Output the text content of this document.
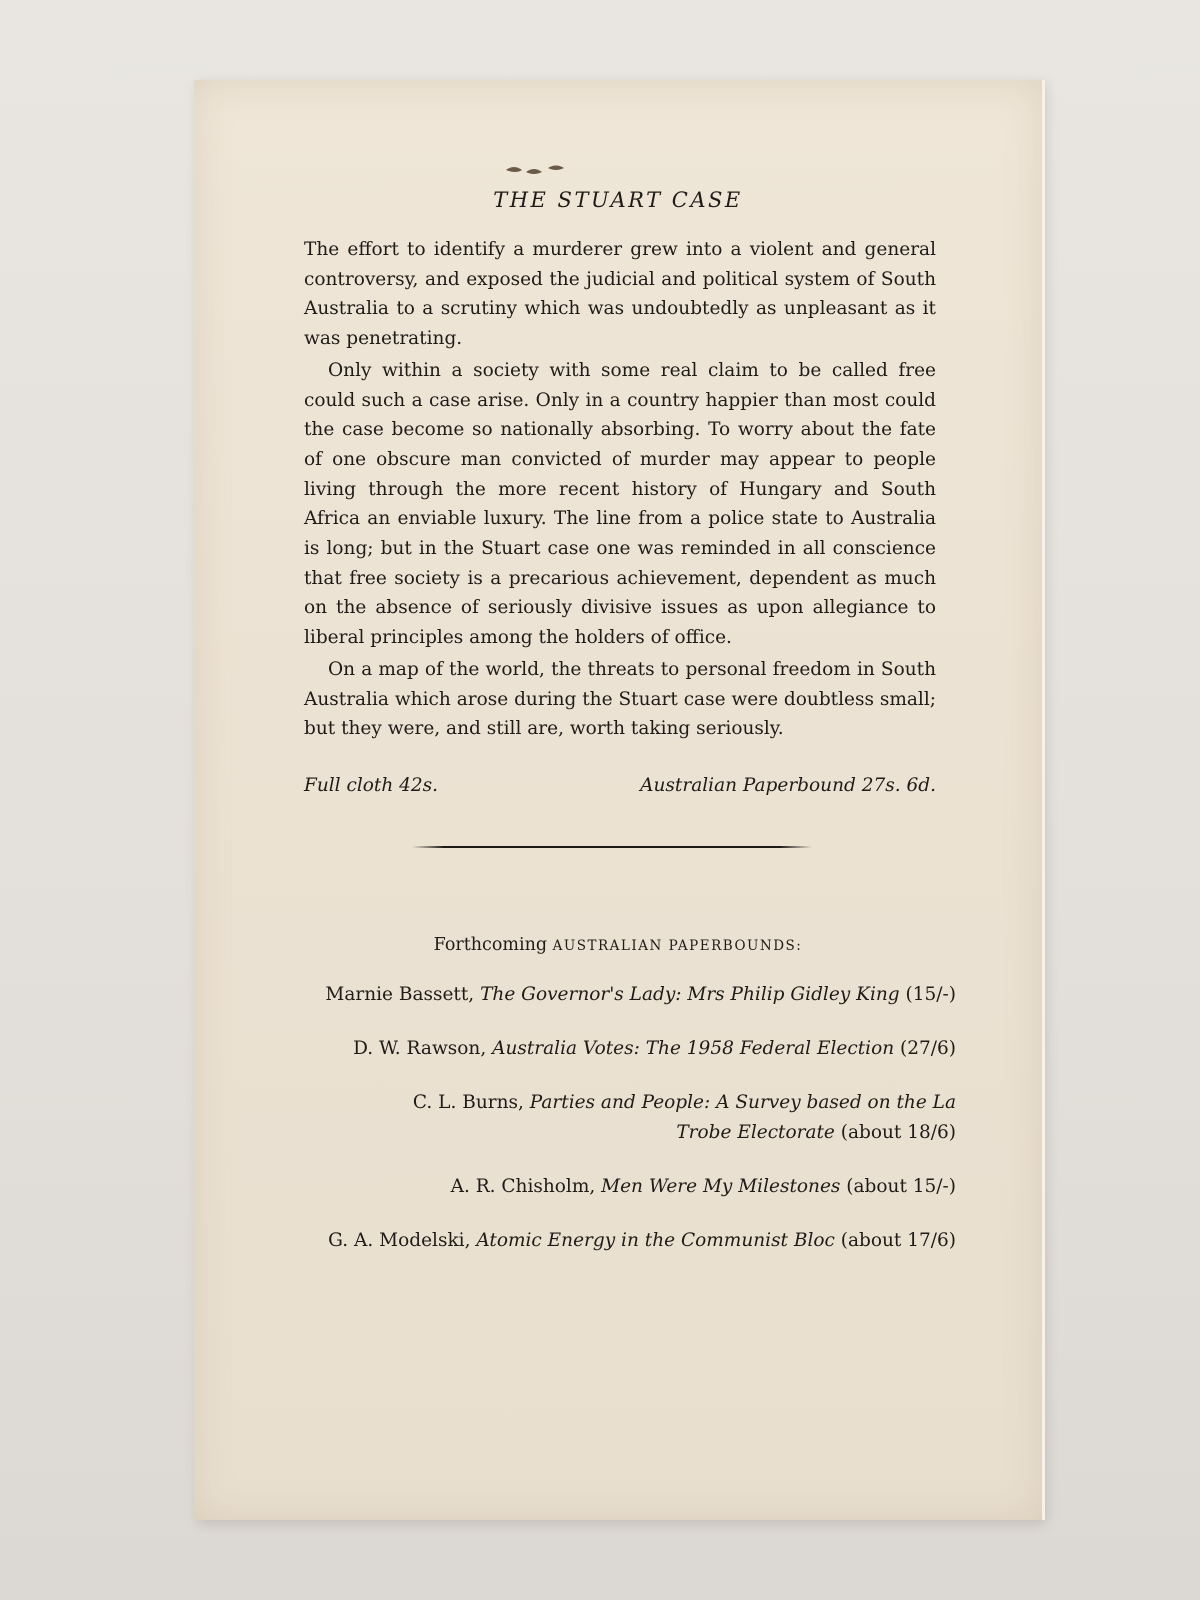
THE STUART CASE

The effort to identify a murderer grew into a violent and general controversy, and exposed the judicial and political system of South Australia to a scrutiny which was undoubtedly as unpleasant as it was penetrating.

Only within a society with some real claim to be called free could such a case arise. Only in a country happier than most could the case become so nationally absorbing. To worry about the fate of one obscure man convicted of murder may appear to people living through the more recent history of Hungary and South Africa an enviable luxury. The line from a police state to Australia is long; but in the Stuart case one was reminded in all conscience that free society is a precarious achievement, dependent as much on the absence of seriously divisive issues as upon allegiance to liberal principles among the holders of office.

On a map of the world, the threats to personal freedom in South Australia which arose during the Stuart case were doubtless small; but they were, and still are, worth taking seriously.

Full cloth 42s.	Australian Paperbound 27s. 6d.
Forthcoming AUSTRALIAN PAPERBOUNDS:
Marnie Bassett, The Governor's Lady: Mrs Philip Gidley King (15/-)
D. W. Rawson, Australia Votes: The 1958 Federal Election (27/6)
C. L. Burns, Parties and People: A Survey based on the La Trobe Electorate (about 18/6)
A. R. Chisholm, Men Were My Milestones (about 15/-)
G. A. Modelski, Atomic Energy in the Communist Bloc (about 17/6)
